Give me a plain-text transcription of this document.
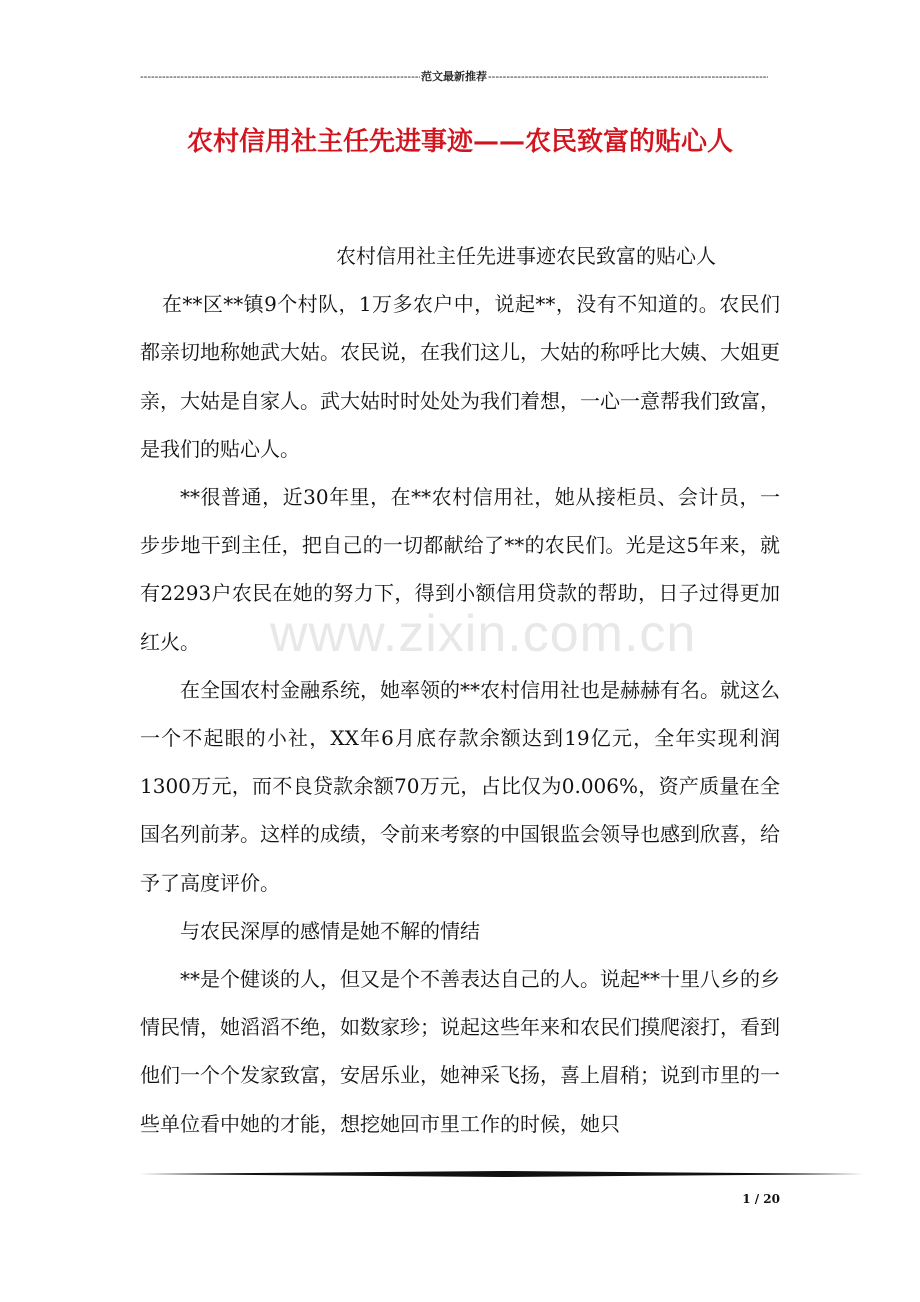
-----
范文最新推荐
-----
农村信用社主任先进事迹——农民致富的贴心人

农村信用社主任先进事迹农民致富的贴心人

在**区**镇9个村队，1万多农户中，说起**，没有不知道的。农民们都亲切地称她武大姑。农民说，在我们这儿，大姑的称呼比大姨、大姐更亲，大姑是自家人。武大姑时时处处为我们着想，一心一意帮我们致富，是我们的贴心人。

**很普通，近30年里，在**农村信用社，她从接柜员、会计员，一步步地干到主任，把自己的一切都献给了**的农民们。光是这5年来，就有2293户农民在她的努力下，得到小额信用贷款的帮助，日子过得更加红火。

在全国农村金融系统，她率领的**农村信用社也是赫赫有名。就这么一个不起眼的小社，XX年6月底存款余额达到19亿元，全年实现利润1300万元，而不良贷款余额70万元，占比仅为0.006%，资产质量在全国名列前茅。这样的成绩，令前来考察的中国银监会领导也感到欣喜，给予了高度评价。

与农民深厚的感情是她不解的情结

**是个健谈的人，但又是个不善表达自己的人。说起**十里八乡的乡情民情，她滔滔不绝，如数家珍；说起这些年来和农民们摸爬滚打，看到他们一个个发家致富，安居乐业，她神采飞扬，喜上眉稍；说到市里的一些单位看中她的才能，想挖她回市里工作的时候，她只

www.zixin.com.cn
1 / 20
